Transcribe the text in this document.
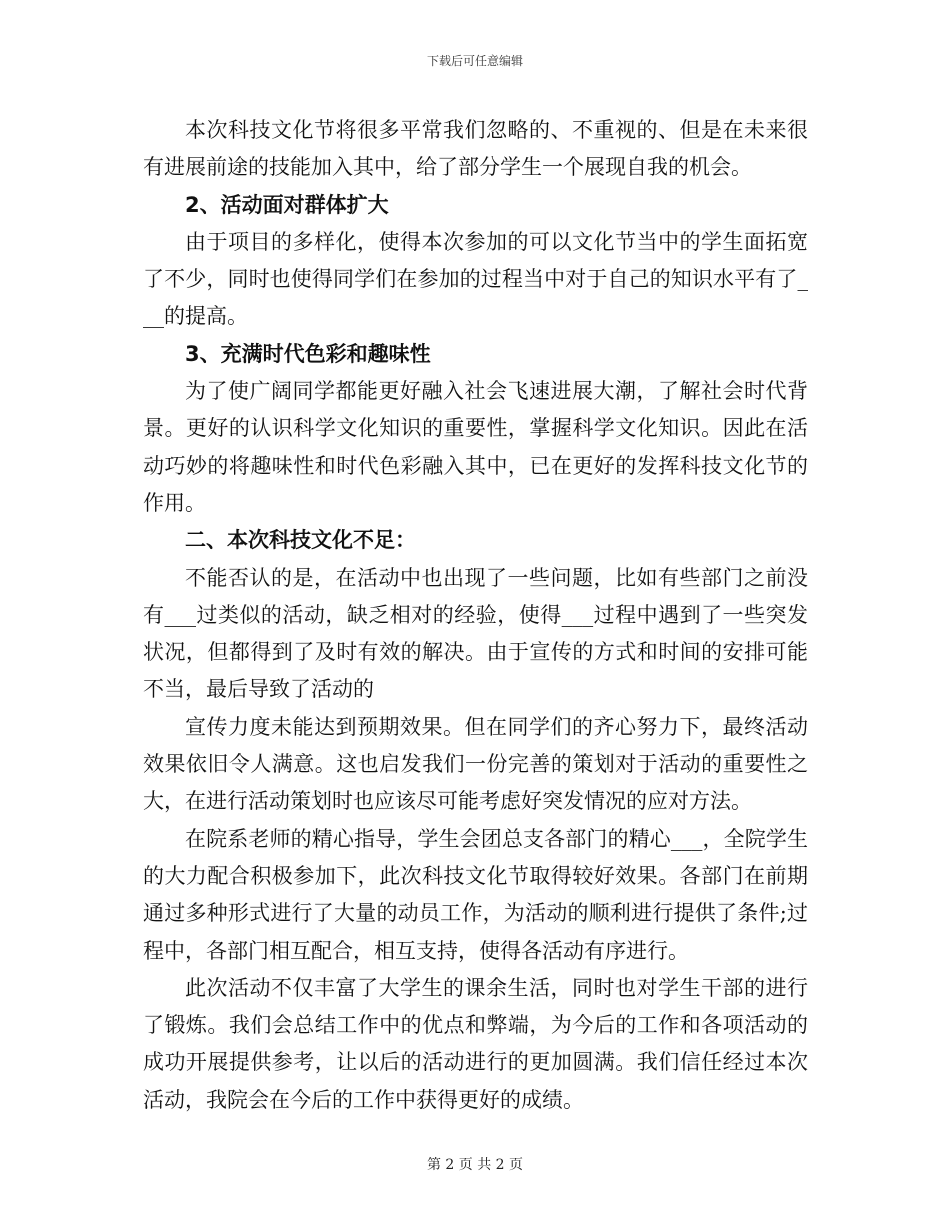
下载后可任意编辑

本次科技文化节将很多平常我们忽略的、不重视的、但是在未来很有进展前途的技能加入其中，给了部分学生一个展现自我的机会。

2、活动面对群体扩大

由于项目的多样化，使得本次参加的可以文化节当中的学生面拓宽了不少，同时也使得同学们在参加的过程当中对于自己的知识水平有了___的提高。

3、充满时代色彩和趣味性

为了使广阔同学都能更好融入社会飞速进展大潮，了解社会时代背景。更好的认识科学文化知识的重要性，掌握科学文化知识。因此在活动巧妙的将趣味性和时代色彩融入其中，已在更好的发挥科技文化节的作用。

二、本次科技文化不足：

不能否认的是，在活动中也出现了一些问题，比如有些部门之前没有___过类似的活动，缺乏相对的经验，使得___过程中遇到了一些突发状况，但都得到了及时有效的解决。由于宣传的方式和时间的安排可能不当，最后导致了活动的

宣传力度未能达到预期效果。但在同学们的齐心努力下，最终活动效果依旧令人满意。这也启发我们一份完善的策划对于活动的重要性之大，在进行活动策划时也应该尽可能考虑好突发情况的应对方法。

在院系老师的精心指导，学生会团总支各部门的精心___，全院学生的大力配合积极参加下，此次科技文化节取得较好效果。各部门在前期通过多种形式进行了大量的动员工作，为活动的顺利进行提供了条件;过程中，各部门相互配合，相互支持，使得各活动有序进行。

此次活动不仅丰富了大学生的课余生活，同时也对学生干部的进行了锻炼。我们会总结工作中的优点和弊端，为今后的工作和各项活动的成功开展提供参考，让以后的活动进行的更加圆满。我们信任经过本次活动，我院会在今后的工作中获得更好的成绩。

第 2 页 共 2 页
